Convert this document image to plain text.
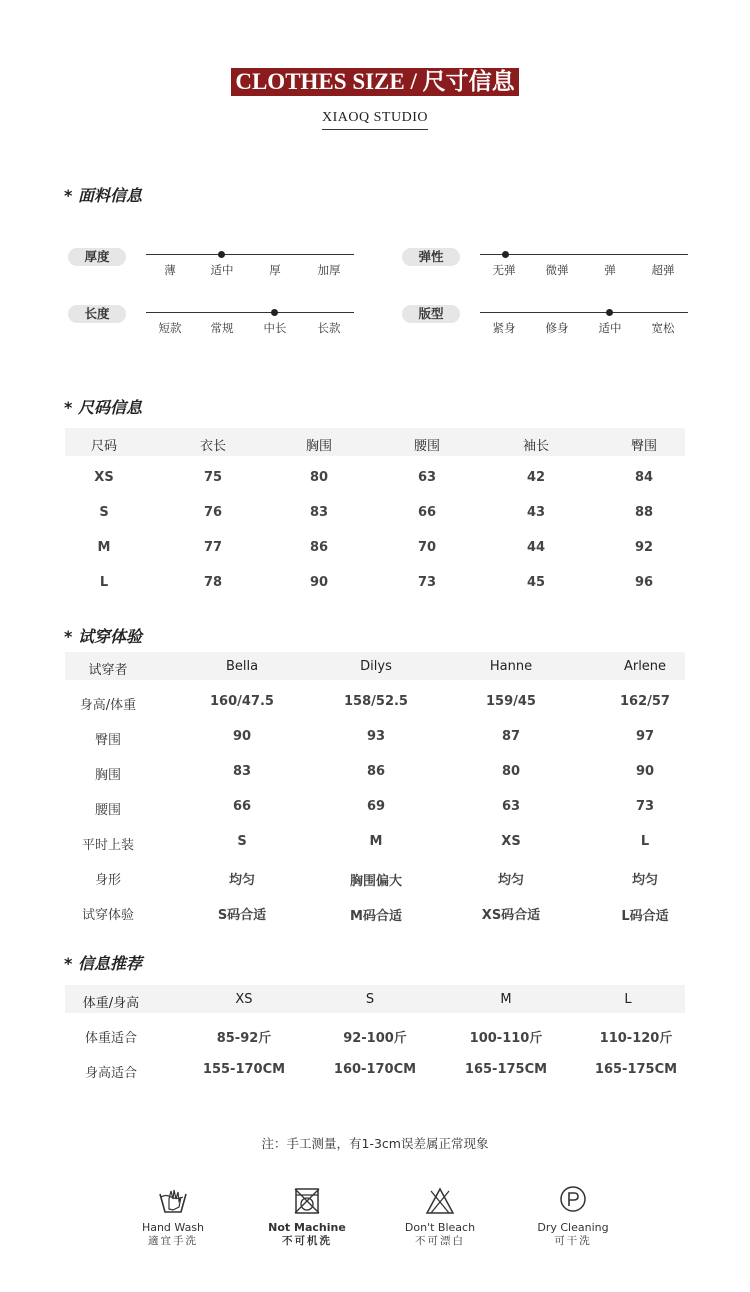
CLOTHES SIZE / 尺寸信息
XIAOQ STUDIO
* 面料信息
厚度
薄	适中	厚	加厚
弹性
无弹	微弹	弹	超弹
长度
短款	常规	中长	长款
版型
紧身	修身	适中	宽松
* 尺码信息
尺码	衣长	胸围	腰围	袖长	臀围
XS	75	80	63	42	84
S	76	83	66	43	88
M	77	86	70	44	92
L	78	90	73	45	96
* 试穿体验
试穿者	Bella	Dilys	Hanne	Arlene
身高/体重	160/47.5	158/52.5	159/45	162/57
臀围	90	93	87	97
胸围	83	86	80	90
腰围	66	69	63	73
平时上装	S	M	XS	L
身形	均匀	胸围偏大	均匀	均匀
试穿体验	S码合适	M码合适	XS码合适	L码合适
* 信息推荐
体重/身高	XS	S	M	L
体重适合	85-92斤	92-100斤	100-110斤	110-120斤
身高适合	155-170CM	160-170CM	165-175CM	165-175CM
注：手工测量，有1-3cm误差属正常现象
Hand Wash
適宜手洗
Not Machine
不可机洗
Don't Bleach
不可漂白
Dry Cleaning
可干洗
